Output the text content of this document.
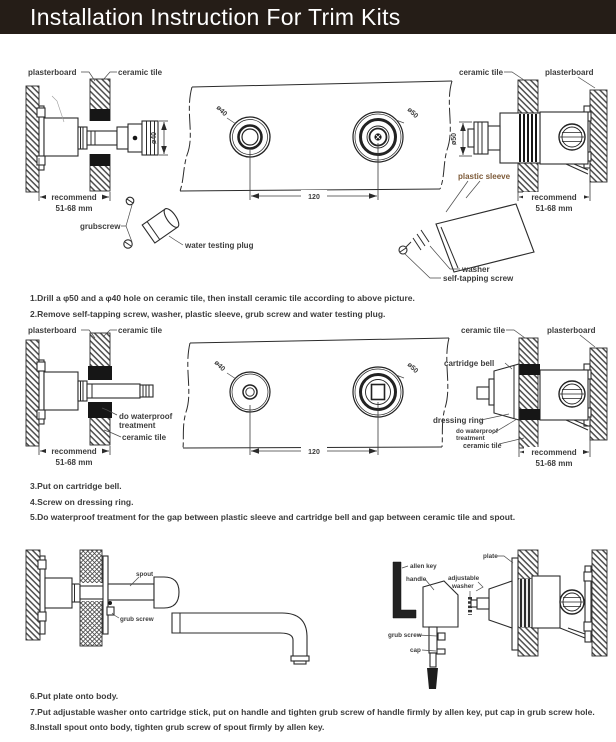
Installation Instruction For Trim Kits
ø40
recommend
51-68 mm
plasterboard	ceramic tile
ø40	ø50
120
ø50
recommend
51-68 mm
ceramic tile	plasterboard
plastic sleeve
grubscrew
water testing plug
washer
self-tapping screw

1.Drill a φ50 and a φ40 hole on ceramic tile, then install ceramic tile according to above picture.

2.Remove self-tapping screw, washer, plastic sleeve, grub screw and water testing plug.

plasterboard	ceramic tile
do waterproof
treatment
ceramic tile
recommend
51-68 mm
ø40	ø50
120
ceramic tile	plasterboard
cartridge bell
dressing ring
do waterproof
treatment
ceramic tile
recommend
51-68 mm

3.Put on cartridge bell.

4.Screw on dressing ring.

5.Do waterproof treatment for the gap between plastic sleeve and cartridge bell and gap between ceramic tile and spout.

spout
grub screw
allen key
handle
grub screw
cap
adjustable
washer
plate

6.Put plate onto body.

7.Put adjustable washer onto cartridge stick, put on handle and tighten grub screw of handle firmly by allen key, put cap in grub screw hole.

8.Install spout onto body, tighten grub screw of spout firmly by allen key.
